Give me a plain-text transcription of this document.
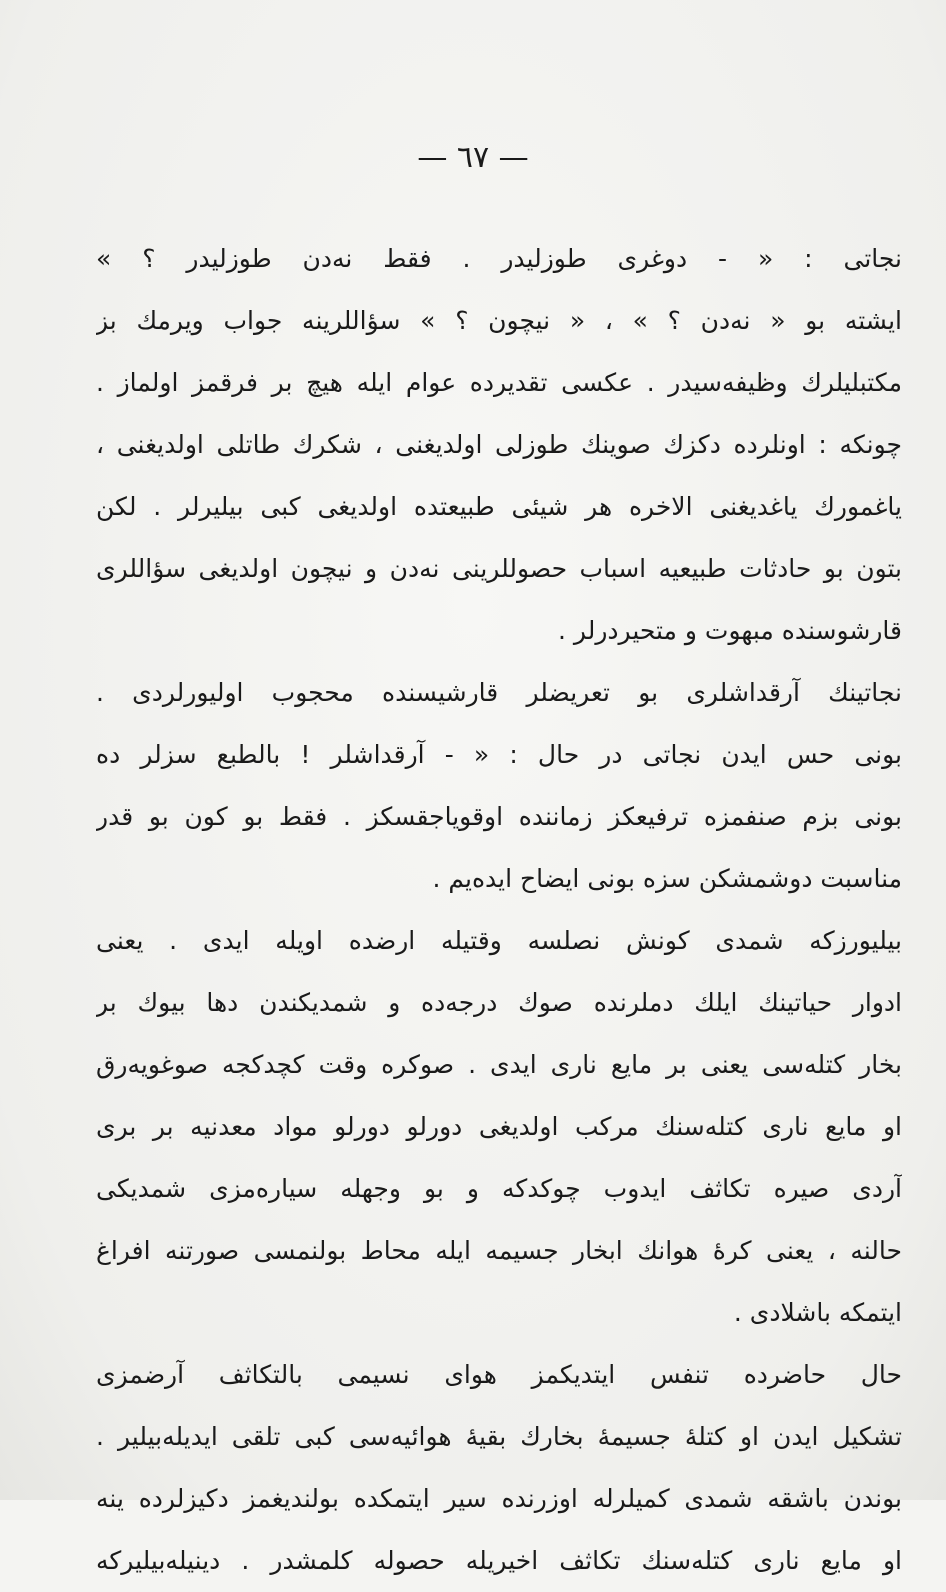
— ٦٧ —
نجاتی : « - دوغری طوزلیدر . فقط نه‌دن طوزلیدر ؟ »
ایشته بو « نه‌دن ؟ » ، « نیچون ؟ » سؤاللرینه جواب ویرمك بز
مکتبلیلرك وظیفه‌سیدر . عکسی تقدیرده عوام ایله هیچ بر فرقمز اولماز .
چونکه : اونلرده دکزك صوینك طوزلی اولدیغنی ، شکرك طاتلی اولدیغنی ،
یاغمورك یاغدیغنی الاخره هر شیئی طبیعتده اولدیغی کبی بیلیرلر . لکن
بتون بو حادثات طبیعیه اسباب حصوللرینی نه‌دن و نیچون اولدیغی سؤاللری
قارشوسنده مبهوت و متحیردرلر .
نجاتینك آرقداشلری بو تعریضلر قارشیسنده محجوب اولیورلردی .
بونی حس ایدن نجاتی در حال : « - آرقداشلر ! بالطبع سزلر ده
بونی بزم صنفمزه ترفیعکز زماننده اوقویاجقسکز . فقط بو کون بو قدر
مناسبت دوشمشکن سزه بونی ایضاح ایده‌یم .
بیلیورزکه شمدی کونش نصلسه وقتیله ارضده اویله ایدی . یعنی
ادوار حیاتینك ایلك دملرنده صوك درجه‌ده و شمدیکندن دها بیوك بر
بخار کتله‌سی یعنی بر مایع ناری ایدی . صوکره وقت کچدکجه صوغویه‌رق
او مایع ناری کتله‌سنك مرکب اولدیغی دورلو دورلو مواد معدنیه بر بری
آردی صیره تکاثف ایدوب چوکدکه و بو وجهله سیاره‌مزی شمدیکی
حالنه ، یعنی کرهٔ هوانك ابخار جسیمه ایله محاط بولنمسی صورتنه افراغ
ایتمکه باشلادی .
حال حاضرده تنفس ایتدیکمز هوای نسیمی بالتکاثف آرضمزی
تشکیل ایدن او کتلهٔ جسیمهٔ بخارك بقیهٔ هوائیه‌سی کبی تلقی ایدیله‌بیلیر .
بوندن باشقه شمدی کمیلرله اوزرنده سیر ایتمکده بولندیغمز دکیزلرده ینه
او مایع ناری کتله‌سنك تکاثف اخیریله حصوله کلمشدر . دینیله‌بیلیرکه
